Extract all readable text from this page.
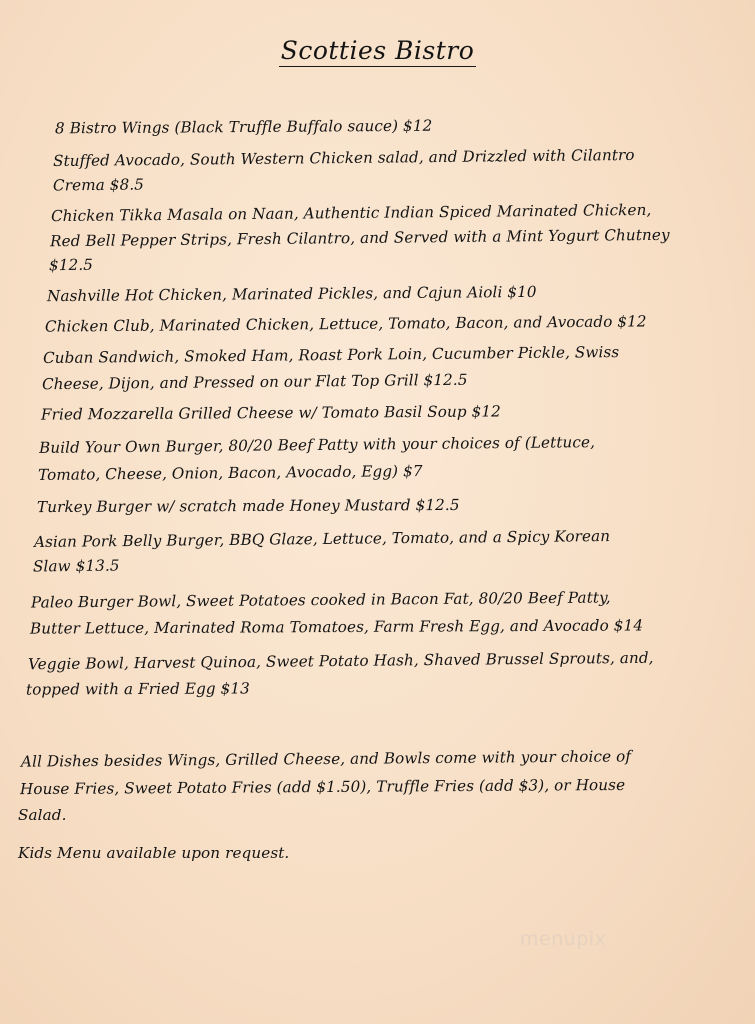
Scotties Bistro
8 Bistro Wings (Black Truffle Buffalo sauce) $12
Stuffed Avocado, South Western Chicken salad, and Drizzled with Cilantro
Crema $8.5
Chicken Tikka Masala on Naan, Authentic Indian Spiced Marinated Chicken,
Red Bell Pepper Strips, Fresh Cilantro, and Served with a Mint Yogurt Chutney
$12.5
Nashville Hot Chicken, Marinated Pickles, and Cajun Aioli $10
Chicken Club, Marinated Chicken, Lettuce, Tomato, Bacon, and Avocado $12
Cuban Sandwich, Smoked Ham, Roast Pork Loin, Cucumber Pickle, Swiss
Cheese, Dijon, and Pressed on our Flat Top Grill $12.5
Fried Mozzarella Grilled Cheese w/ Tomato Basil Soup $12
Build Your Own Burger, 80/20 Beef Patty with your choices of (Lettuce,
Tomato, Cheese, Onion, Bacon, Avocado, Egg) $7
Turkey Burger w/ scratch made Honey Mustard $12.5
Asian Pork Belly Burger, BBQ Glaze, Lettuce, Tomato, and a Spicy Korean
Slaw $13.5
Paleo Burger Bowl, Sweet Potatoes cooked in Bacon Fat, 80/20 Beef Patty,
Butter Lettuce, Marinated Roma Tomatoes, Farm Fresh Egg, and Avocado $14
Veggie Bowl, Harvest Quinoa, Sweet Potato Hash, Shaved Brussel Sprouts, and,
topped with a Fried Egg $13
All Dishes besides Wings, Grilled Cheese, and Bowls come with your choice of
House Fries, Sweet Potato Fries (add $1.50), Truffle Fries (add $3), or House
Salad.
Kids Menu available upon request.
menupix
